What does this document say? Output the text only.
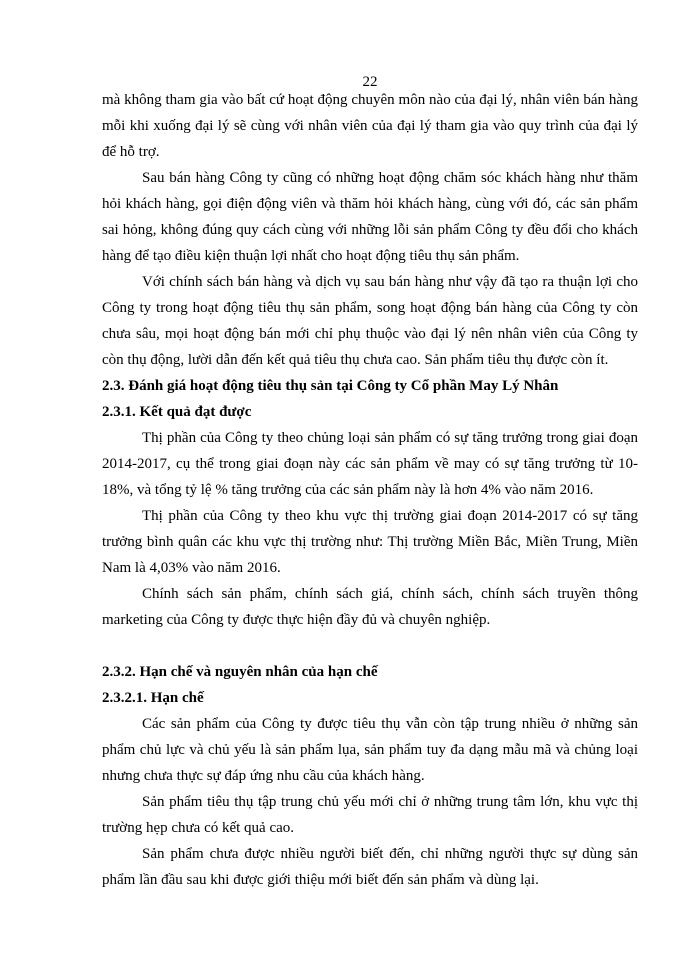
22

mà không tham gia vào bất cứ hoạt động chuyên môn nào của đại lý, nhân viên bán hàng mỗi khi xuống đại lý sẽ cùng với nhân viên của đại lý tham gia vào quy trình của đại lý để hỗ trợ.

Sau bán hàng Công ty cũng có những hoạt động chăm sóc khách hàng như thăm hỏi khách hàng, gọi điện động viên và thăm hỏi khách hàng, cùng với đó, các sản phẩm sai hỏng, không đúng quy cách cùng với những lỗi sản phẩm Công ty đều đổi cho khách hàng để tạo điều kiện thuận lợi nhất cho hoạt động tiêu thụ sản phẩm.

Với chính sách bán hàng và dịch vụ sau bán hàng như vậy đã tạo ra thuận lợi cho Công ty trong hoạt động tiêu thụ sản phẩm, song hoạt động bán hàng của Công ty còn chưa sâu, mọi hoạt động bán mới chỉ phụ thuộc vào đại lý nên nhân viên của Công ty còn thụ động, lười dẫn đến kết quả tiêu thụ chưa cao. Sản phẩm tiêu thụ được còn ít.

2.3. Đánh giá hoạt động tiêu thụ sản tại Công ty Cổ phần May Lý Nhân
2.3.1. Kết quả đạt được

Thị phần của Công ty theo chủng loại sản phẩm có sự tăng trưởng trong giai đoạn 2014-2017, cụ thể trong giai đoạn này các sản phẩm về may có sự tăng trưởng từ 10-18%, và tổng tỷ lệ % tăng trưởng của các sản phẩm này là hơn 4% vào năm 2016.

Thị phần của Công ty theo khu vực thị trường giai đoạn 2014-2017 có sự tăng trưởng bình quân các khu vực thị trường như: Thị trường Miền Bắc, Miền Trung, Miền Nam là 4,03% vào năm 2016.

Chính sách sản phẩm, chính sách giá, chính sách, chính sách truyền thông marketing của Công ty được thực hiện đầy đủ và chuyên nghiệp.

2.3.2. Hạn chế và nguyên nhân của hạn chế
2.3.2.1. Hạn chế

Các sản phẩm của Công ty được tiêu thụ vẫn còn tập trung nhiều ở những sản phẩm chủ lực và chủ yếu là sản phẩm lụa, sản phẩm tuy đa dạng mẫu mã và chủng loại nhưng chưa thực sự đáp ứng nhu cầu của khách hàng.

Sản phẩm tiêu thụ tập trung chủ yếu mới chỉ ở những trung tâm lớn, khu vực thị trường hẹp chưa có kết quả cao.

Sản phẩm chưa được nhiều người biết đến, chỉ những người thực sự dùng sản phẩm lần đầu sau khi được giới thiệu mới biết đến sản phẩm và dùng lại.
